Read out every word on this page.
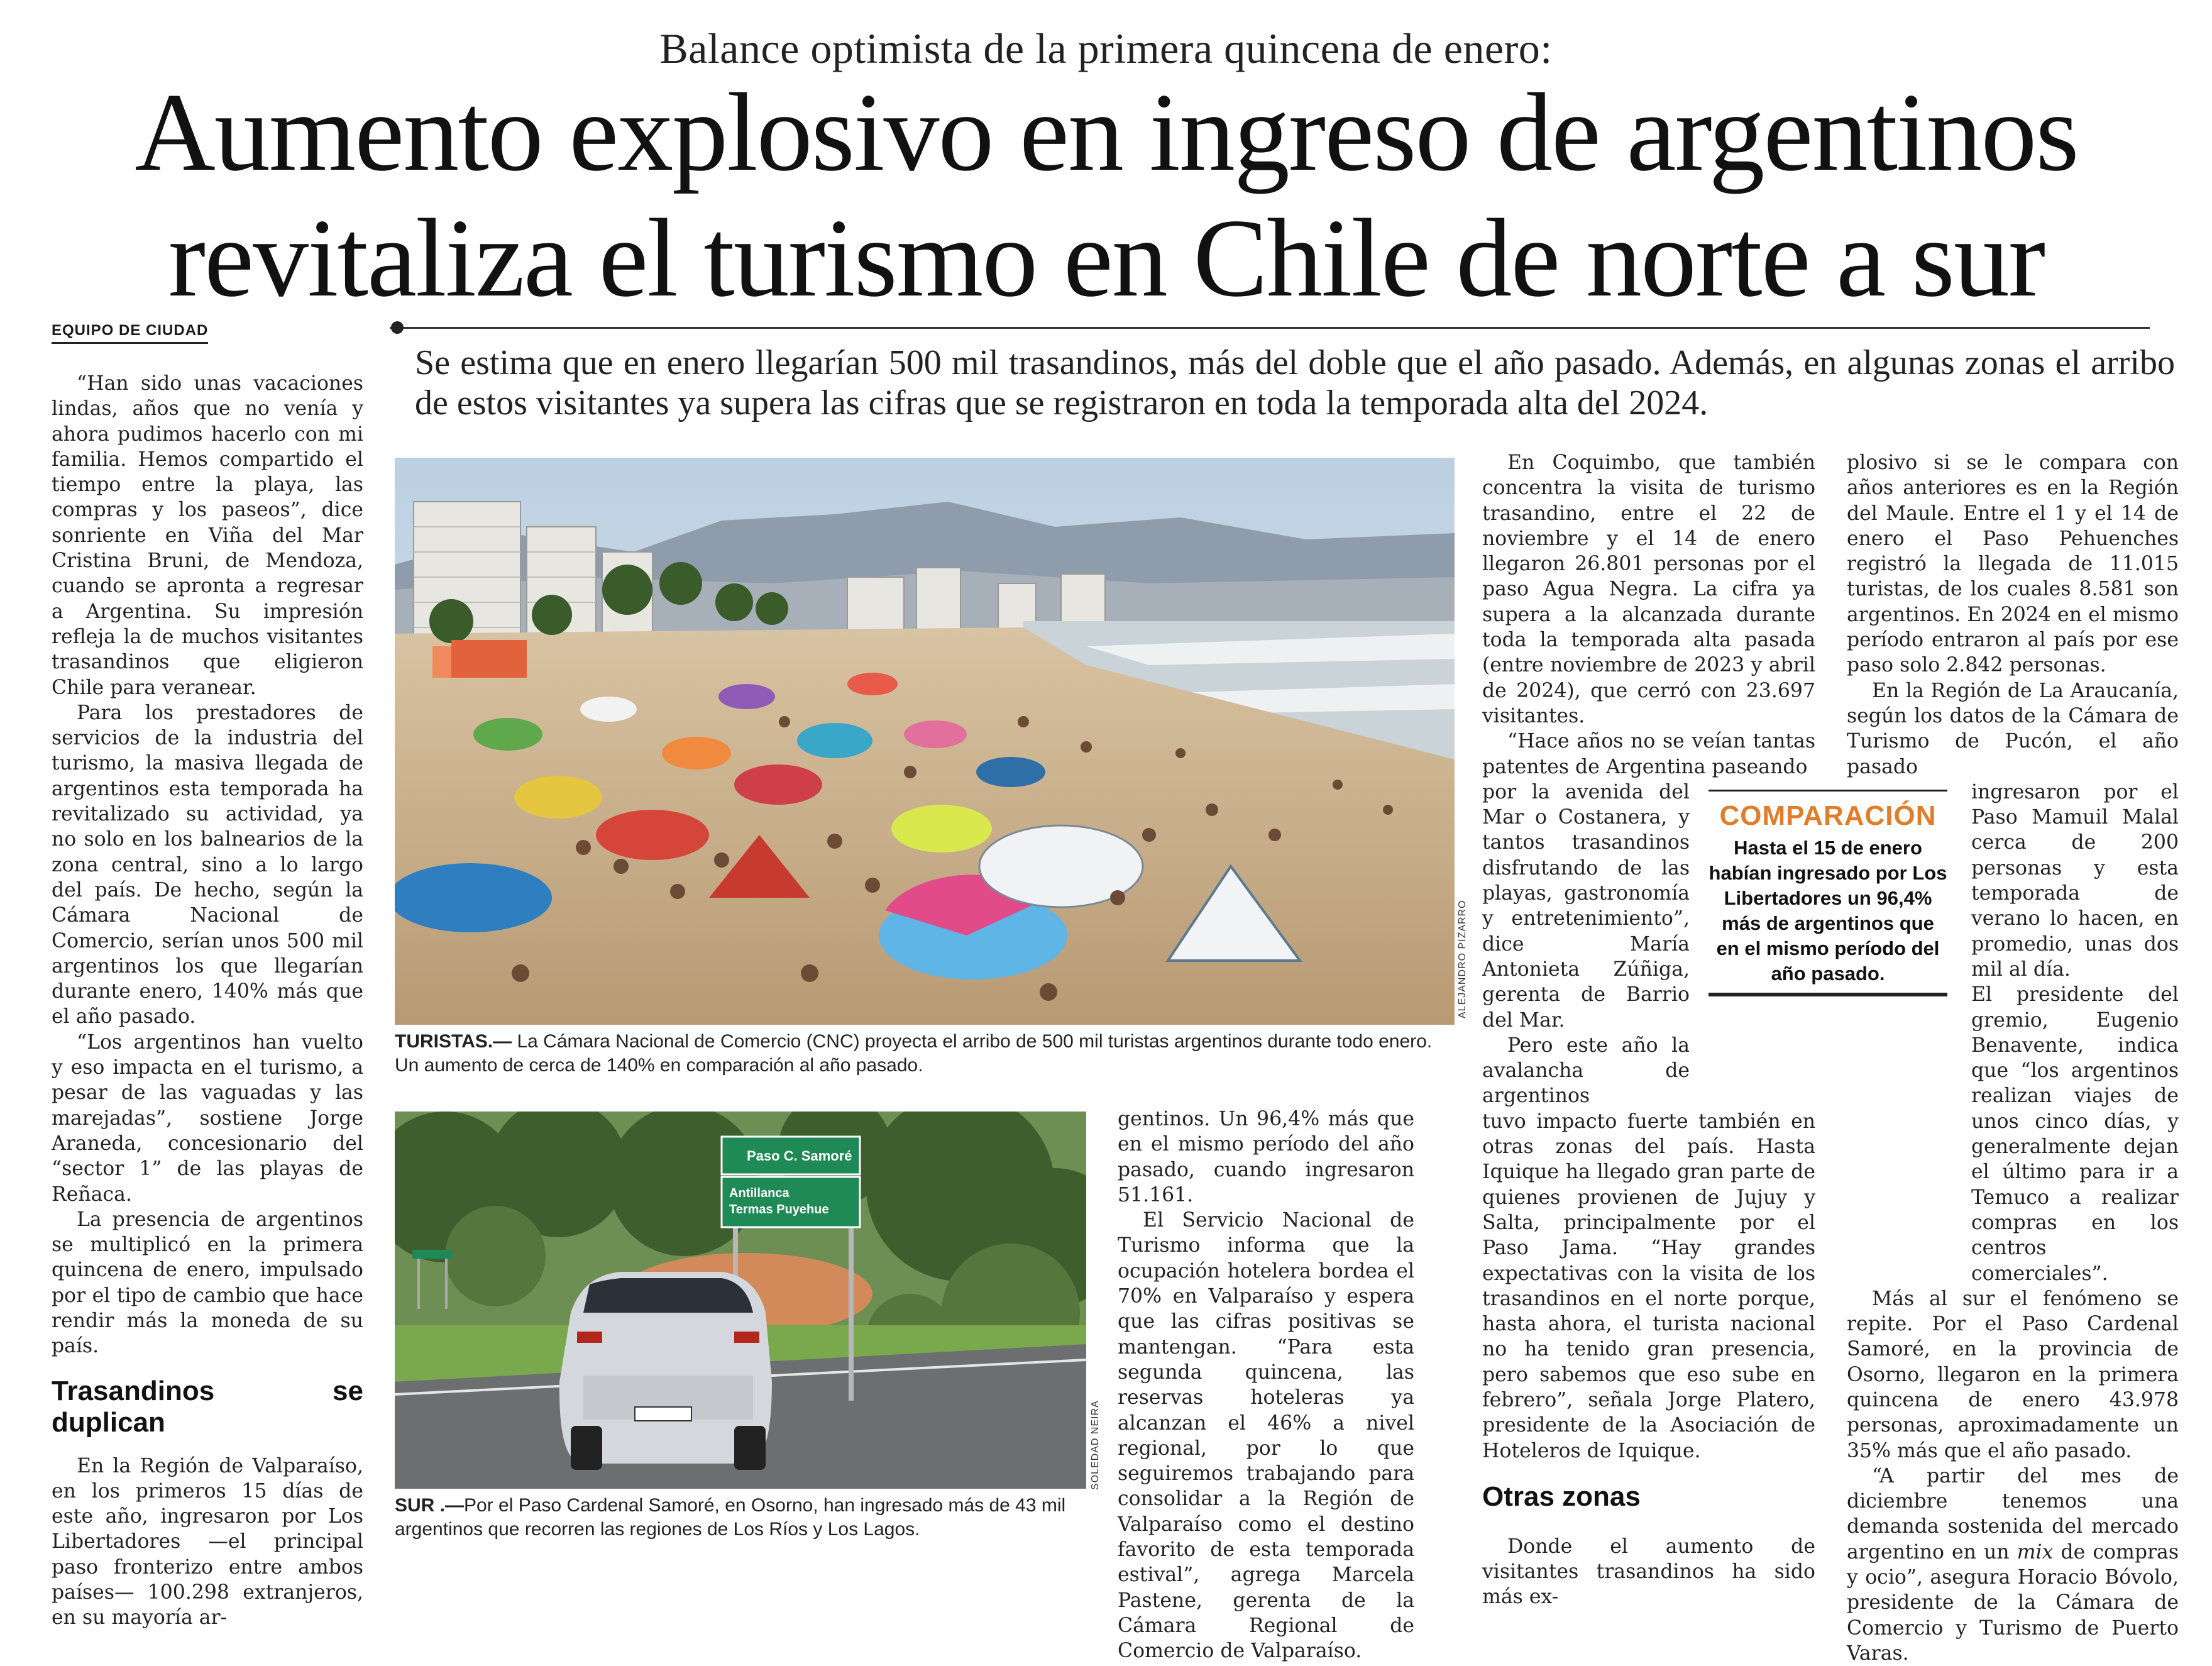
Balance optimista de la primera quincena de enero:
Aumento explosivo en ingreso de argentinos
revitaliza el turismo en Chile de norte a sur
EQUIPO DE CIUDAD
Se estima que en enero llegarían 500 mil trasandinos, más del doble que el año pasado. Además, en algunas zonas el arribo de estos visitantes ya supera las cifras que se registraron en toda la temporada alta del 2024.

“Han sido unas vacaciones lindas, años que no venía y ahora pudimos hacerlo con mi familia. Hemos compartido el tiempo entre la playa, las compras y los paseos”, dice sonriente en Viña del Mar Cristina Bruni, de Mendoza, cuando se apronta a regresar a Argentina. Su impresión refleja la de muchos visitantes trasandinos que eligieron Chile para veranear.

Para los prestadores de servicios de la industria del turismo, la masiva llegada de argentinos esta temporada ha revitalizado su actividad, ya no solo en los balnearios de la zona central, sino a lo largo del país. De hecho, según la Cámara Nacional de Comercio, serían unos 500 mil argentinos los que llegarían durante enero, 140% más que el año pasado.

“Los argentinos han vuelto y eso impacta en el turismo, a pesar de las vaguadas y las marejadas”, sostiene Jorge Araneda, concesionario del “sector 1” de las playas de Reñaca.

La presencia de argentinos se multiplicó en la primera quincena de enero, impulsado por el tipo de cambio que hace rendir más la moneda de su país.

Trasandinos se duplican

En la Región de Valparaíso, en los primeros 15 días de este año, ingresaron por Los Libertadores —el principal paso fronterizo entre ambos países— 100.298 extranjeros, en su mayoría ar-

ALEJANDRO PIZARRO
TURISTAS.— La Cámara Nacional de Comercio (CNC) proyecta el arribo de 500 mil turistas argentinos durante todo enero. Un aumento de cerca de 140% en comparación al año pasado.
Paso C. Samoré
Antillanca
Termas Puyehue
SOLEDAD NEIRA
SUR .—Por el Paso Cardenal Samoré, en Osorno, han ingresado más de 43 mil argentinos que recorren las regiones de Los Ríos y Los Lagos.

gentinos. Un 96,4% más que en el mismo período del año pasado, cuando ingresaron 51.161.

El Servicio Nacional de Turismo informa que la ocupación hotelera bordea el 70% en Valparaíso y espera que las cifras positivas se mantengan. “Para esta segunda quincena, las reservas hoteleras ya alcanzan el 46% a nivel regional, por lo que seguiremos trabajando para consolidar a la Región de Valparaíso como el destino favorito de esta temporada estival”, agrega Marcela Pastene, gerenta de la Cámara Regional de Comercio de Valparaíso.

En Coquimbo, que también concentra la visita de turismo trasandino, entre el 22 de noviembre y el 14 de enero llegaron 26.801 personas por el paso Agua Negra. La cifra ya supera a la alcanzada durante toda la temporada alta pasada (entre noviembre de 2023 y abril de 2024), que cerró con 23.697 visitantes.

“Hace años no se veían tantas patentes de Argentina paseando

por la avenida del Mar o Costanera, y tantos trasandinos disfrutando de las playas, gastronomía y entretenimiento”, dice María Antonieta Zúñiga, gerenta de Barrio del Mar.

Pero este año la avalancha de argentinos

tuvo impacto fuerte también en otras zonas del país. Hasta Iquique ha llegado gran parte de quienes provienen de Jujuy y Salta, principalmente por el Paso Jama. “Hay grandes expectativas con la visita de los trasandinos en el norte porque, hasta ahora, el turista nacional no ha tenido gran presencia, pero sabemos que eso sube en febrero”, señala Jorge Platero, presidente de la Asociación de Hoteleros de Iquique.

Otras zonas

Donde el aumento de visitantes trasandinos ha sido más ex-

COMPARACIÓN
Hasta el 15 de enero habían ingresado por Los Libertadores un 96,4% más de argentinos que en el mismo período del año pasado.

plosivo si se le compara con años anteriores es en la Región del Maule. Entre el 1 y el 14 de enero el Paso Pehuenches registró la llegada de 11.015 turistas, de los cuales 8.581 son argentinos. En 2024 en el mismo período entraron al país por ese paso solo 2.842 personas.

En la Región de La Araucanía, según los datos de la Cámara de Turismo de Pucón, el año pasado

ingresaron por el Paso Mamuil Malal cerca de 200 personas y esta temporada de verano lo hacen, en promedio, unas dos mil al día.

El presidente del gremio, Eugenio Benavente, indica que “los argentinos realizan viajes de unos cinco días, y generalmente dejan el último para ir a Temuco a realizar compras en los centros comerciales”.

Más al sur el fenómeno se repite. Por el Paso Cardenal Samoré, en la provincia de Osorno, llegaron en la primera quincena de enero 43.978 personas, aproximadamente un 35% más que el año pasado.

“A partir del mes de diciembre tenemos una demanda sostenida del mercado argentino en un mix de compras y ocio”, asegura Horacio Bóvolo, presidente de la Cámara de Comercio y Turismo de Puerto Varas.
